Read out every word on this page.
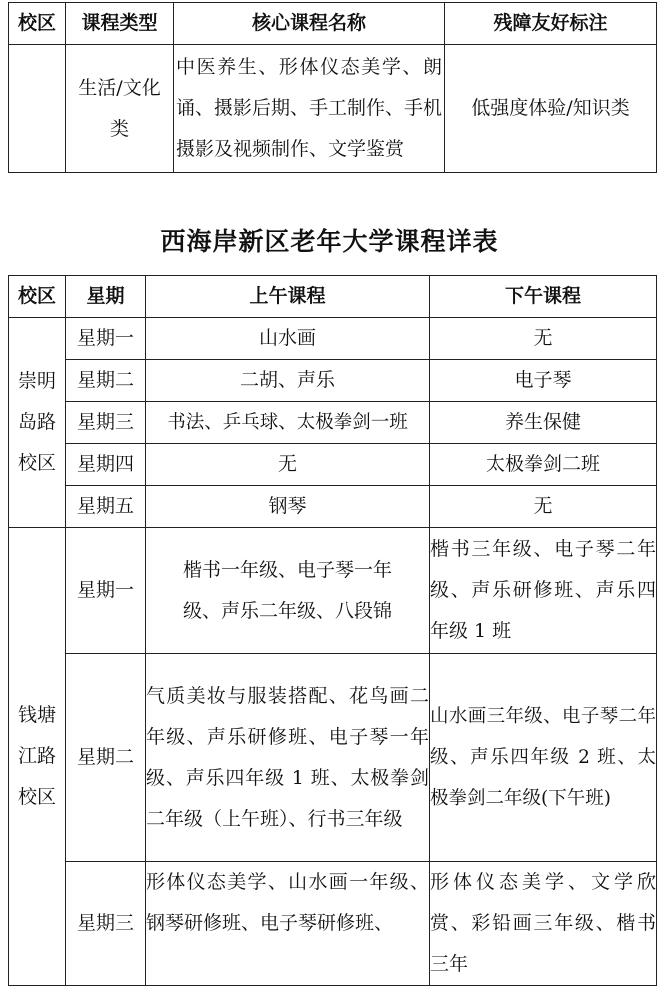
校区	课程类型	核心课程名称	残障友好标注
	生活/文化类	中医养生、形体仪态美学、朗诵、摄影后期、手工制作、手机摄影及视频制作、文学鉴赏	低强度体验/知识类
西海岸新区老年大学课程详表
校区	星期	上午课程	下午课程
崇明岛路校区	星期一	山水画	无
	星期二	二胡、声乐	电子琴
	星期三	书法、乒乓球、太极拳剑一班	养生保健
	星期四	无	太极拳剑二班
	星期五	钢琴	无
钱塘江路校区	星期一	楷书一年级、电子琴一年级、声乐二年级、八段锦	楷书三年级、电子琴二年级、声乐研修班、声乐四年级 1 班
	星期二	气质美妆与服装搭配、花鸟画二年级、声乐研修班、电子琴一年级、声乐四年级 1 班、太极拳剑二年级（上午班）、行书三年级	山水画三年级、电子琴二年级、声乐四年级 2 班、太极拳剑二年级(下午班)
	星期三	形体仪态美学、山水画一年级、钢琴研修班、电子琴研修班、	形体仪态美学、文学欣赏、彩铅画三年级、楷书三年
